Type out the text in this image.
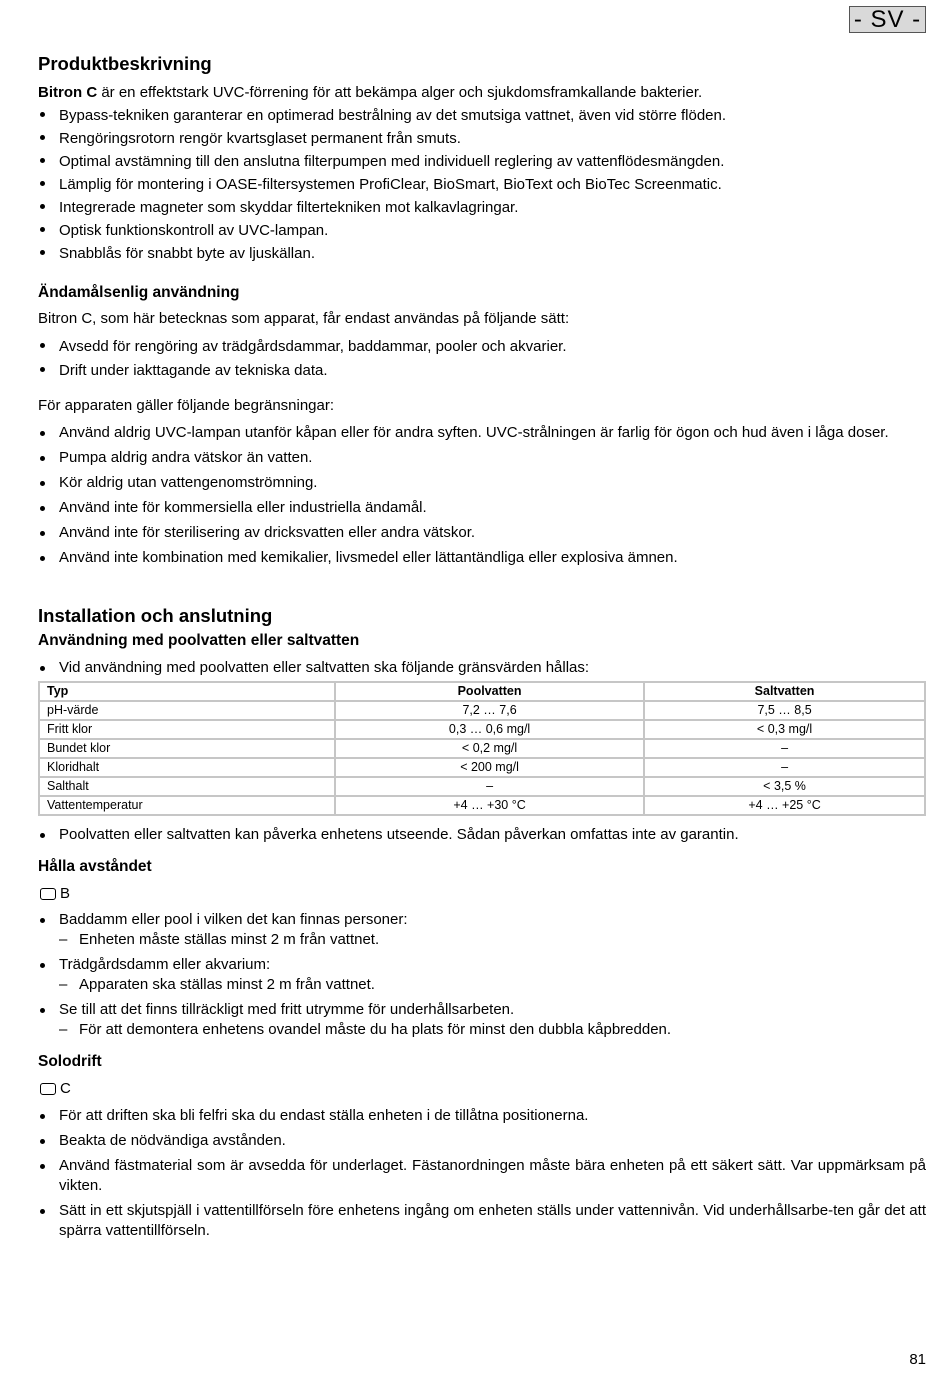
- SV -
Produktbeskrivning

Bitron C är en effektstark UVC-förrening för att bekämpa alger och sjukdomsframkallande bakterier.

Bypass-tekniken garanterar en optimerad bestrålning av det smutsiga vattnet, även vid större flöden.
Rengöringsrotorn rengör kvartsglaset permanent från smuts.
Optimal avstämning till den anslutna filterpumpen med individuell reglering av vattenflödesmängden.
Lämplig för montering i OASE-filtersystemen ProfiClear, BioSmart, BioText och BioTec Screenmatic.
Integrerade magneter som skyddar filtertekniken mot kalkavlagringar.
Optisk funktionskontroll av UVC-lampan.
Snabblås för snabbt byte av ljuskällan.
Ändamålsenlig användning

Bitron C, som här betecknas som apparat, får endast användas på följande sätt:

Avsedd för rengöring av trädgårdsdammar, baddammar, pooler och akvarier.
Drift under iakttagande av tekniska data.

För apparaten gäller följande begränsningar:

Använd aldrig UVC-lampan utanför kåpan eller för andra syften. UVC-strålningen är farlig för ögon och hud även i låga doser.
Pumpa aldrig andra vätskor än vatten.
Kör aldrig utan vattengenomströmning.
Använd inte för kommersiella eller industriella ändamål.
Använd inte för sterilisering av dricksvatten eller andra vätskor.
Använd inte kombination med kemikalier, livsmedel eller lättantändliga eller explosiva ämnen.
Installation och anslutning
Användning med poolvatten eller saltvatten
Vid användning med poolvatten eller saltvatten ska följande gränsvärden hållas:
Typ	Poolvatten	Saltvatten
pH-värde	7,2 … 7,6	7,5 … 8,5
Fritt klor	0,3 … 0,6 mg/l	< 0,3 mg/l
Bundet klor	< 0,2 mg/l	–
Kloridhalt	< 200 mg/l	–
Salthalt	–	< 3,5 %
Vattentemperatur	+4 … +30 °C	+4 … +25 °C
Poolvatten eller saltvatten kan påverka enhetens utseende. Sådan påverkan omfattas inte av garantin.
Hålla avståndet
B
Baddamm eller pool i vilken det kan finnas personer:
– Enheten måste ställas minst 2 m från vattnet.
Trädgårdsdamm eller akvarium:
– Apparaten ska ställas minst 2 m från vattnet.
Se till att det finns tillräckligt med fritt utrymme för underhållsarbeten.
– För att demontera enhetens ovandel måste du ha plats för minst den dubbla kåpbredden.
Solodrift
C
För att driften ska bli felfri ska du endast ställa enheten i de tillåtna positionerna.
Beakta de nödvändiga avstånden.
Använd fästmaterial som är avsedda för underlaget. Fästanordningen måste bära enheten på ett säkert sätt. Var uppmärksam på vikten.
Sätt in ett skjutspjäll i vattentillförseln före enhetens ingång om enheten ställs under vattennivån. Vid underhållsarbe-ten går det att spärra vattentillförseln.
81
